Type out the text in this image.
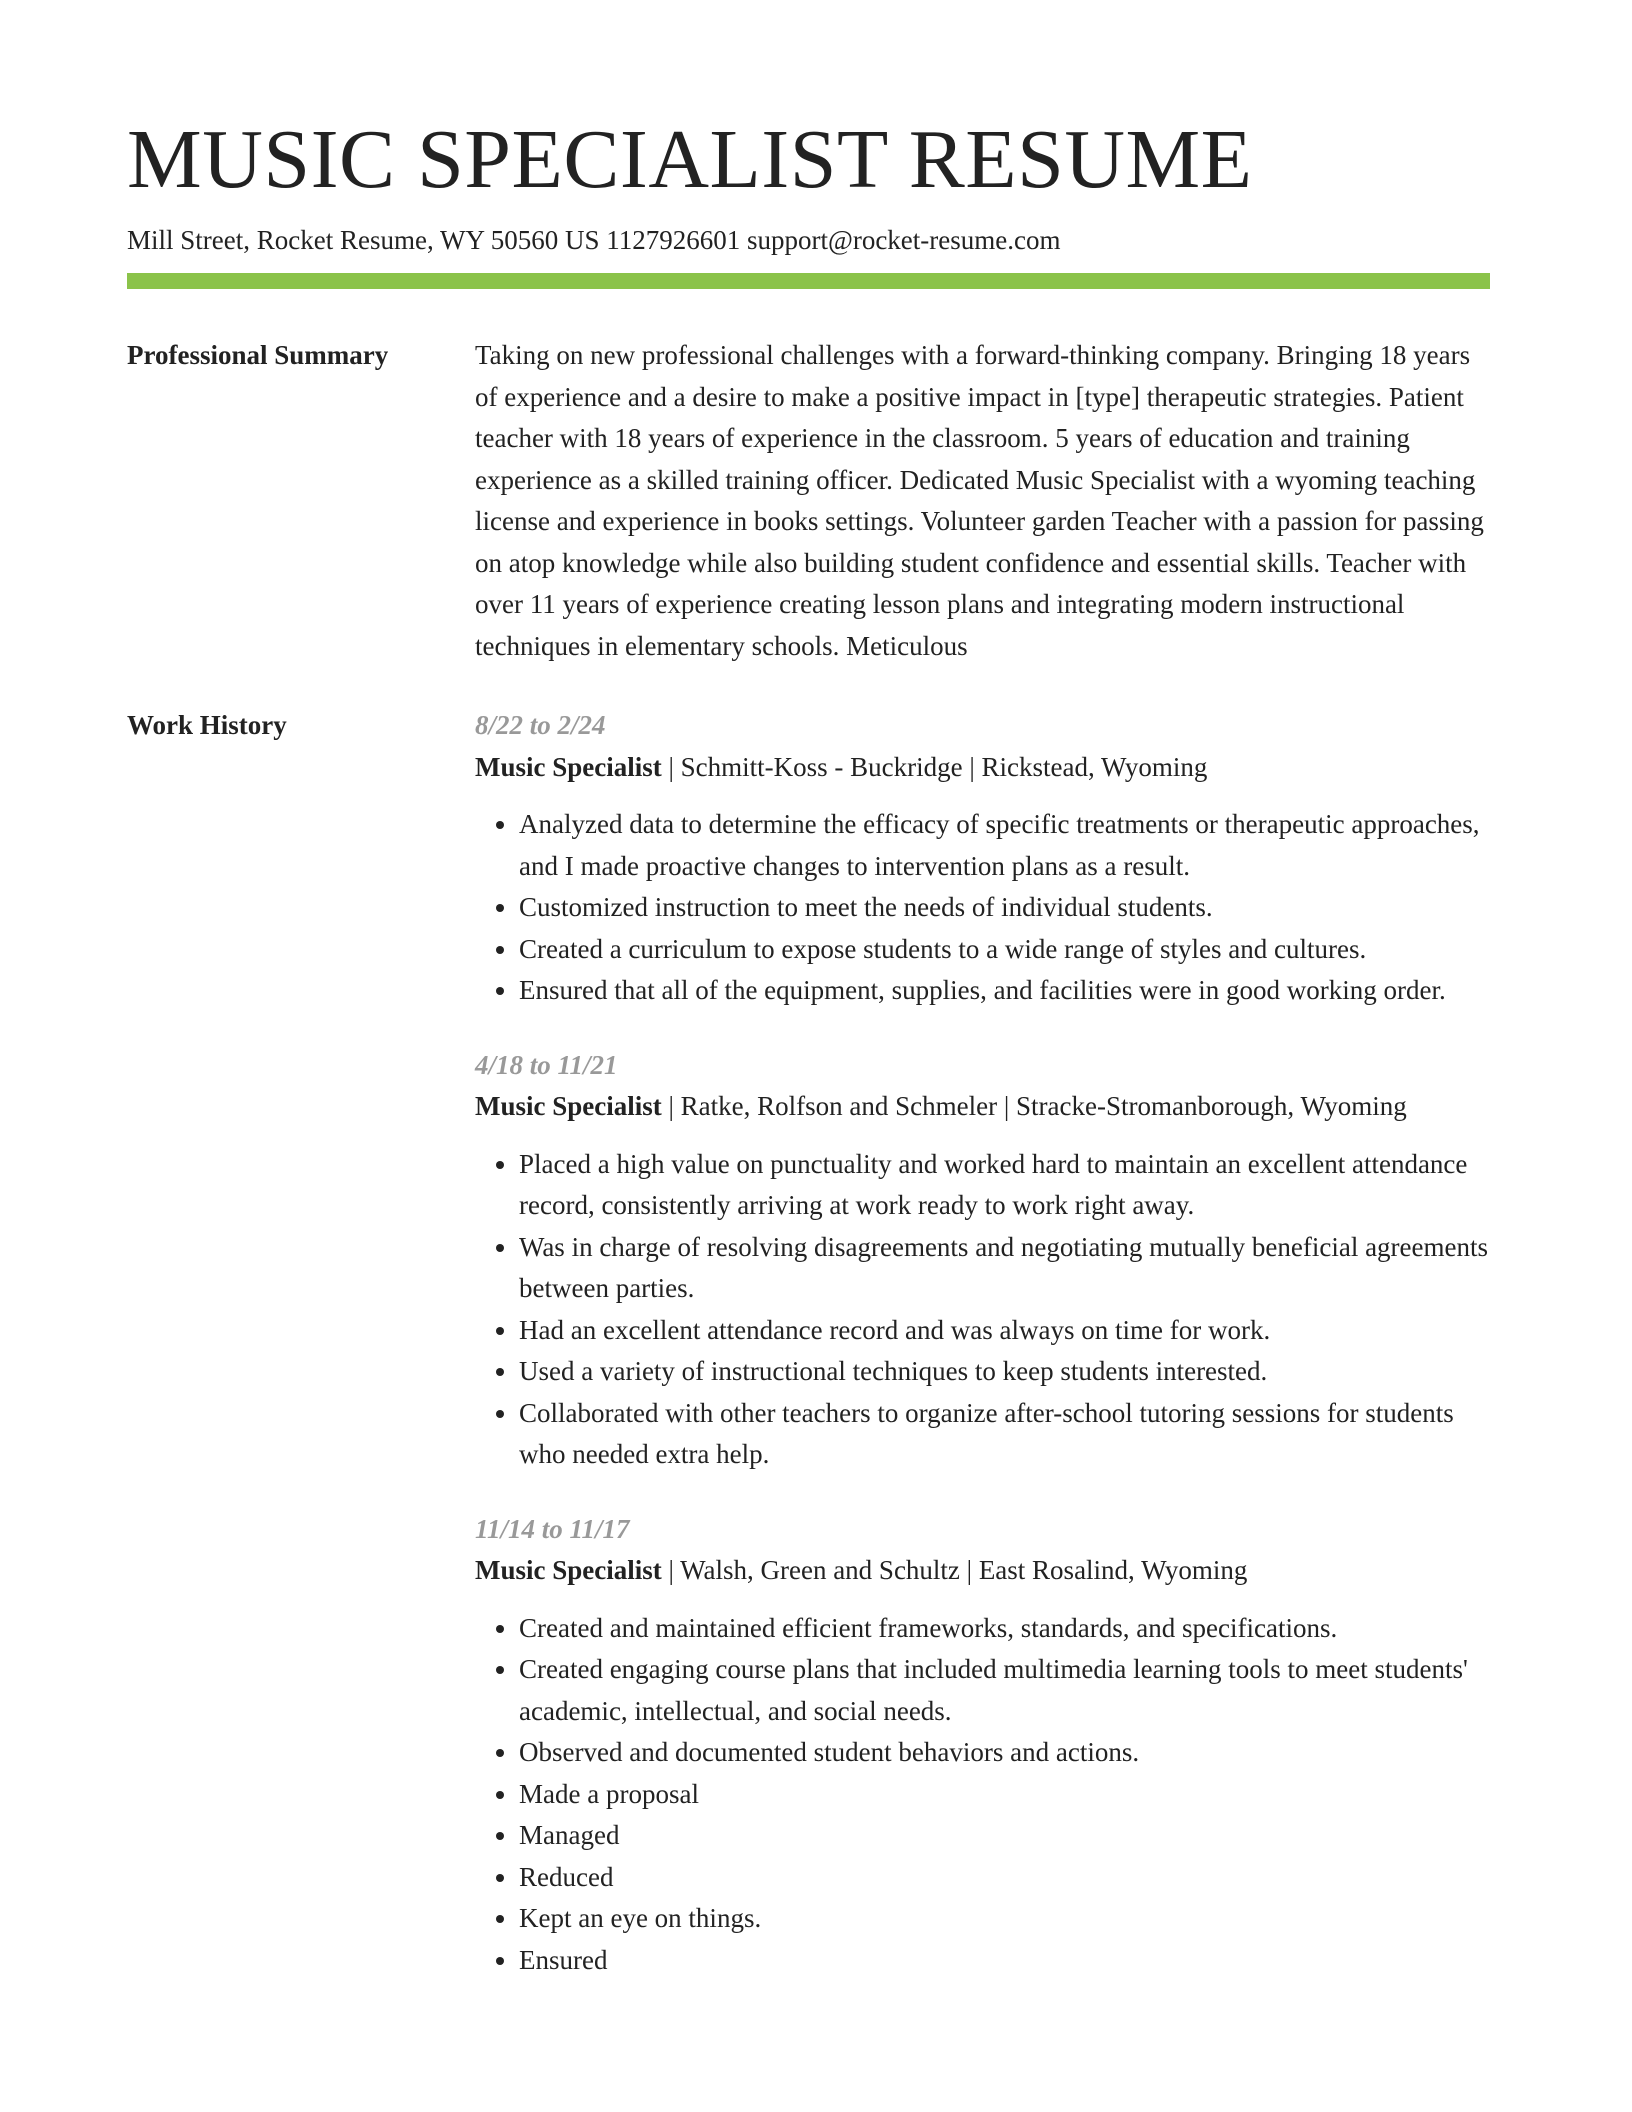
MUSIC SPECIALIST RESUME
Mill Street, Rocket Resume, WY 50560 US 1127926601 support@rocket-resume.com
Professional Summary	Taking on new professional challenges with a forward-thinking company. Bringing 18 years of experience and a desire to make a positive impact in [type] therapeutic strategies. Patient teacher with 18 years of experience in the classroom. 5 years of education and training experience as a skilled training officer. Dedicated Music Specialist with a wyoming teaching license and experience in books settings. Volunteer garden Teacher with a passion for passing on atop knowledge while also building student confidence and essential skills. Teacher with over 11 years of experience creating lesson plans and integrating modern instructional techniques in elementary schools. Meticulous

Work History	8/22 to 2/24
Music Specialist | Schmitt-Koss - Buckridge | Rickstead, Wyoming
• Analyzed data to determine the efficacy of specific treatments or therapeutic approaches, and I made proactive changes to intervention plans as a result.
• Customized instruction to meet the needs of individual students.
• Created a curriculum to expose students to a wide range of styles and cultures.
• Ensured that all of the equipment, supplies, and facilities were in good working order.
4/18 to 11/21
Music Specialist | Ratke, Rolfson and Schmeler | Stracke-Stromanborough, Wyoming
• Placed a high value on punctuality and worked hard to maintain an excellent attendance record, consistently arriving at work ready to work right away.
• Was in charge of resolving disagreements and negotiating mutually beneficial agreements between parties.
• Had an excellent attendance record and was always on time for work.
• Used a variety of instructional techniques to keep students interested.
• Collaborated with other teachers to organize after-school tutoring sessions for students who needed extra help.
11/14 to 11/17
Music Specialist | Walsh, Green and Schultz | East Rosalind, Wyoming
• Created and maintained efficient frameworks, standards, and specifications.
• Created engaging course plans that included multimedia learning tools to meet students' academic, intellectual, and social needs.
• Observed and documented student behaviors and actions.
• Made a proposal
• Managed
• Reduced
• Kept an eye on things.
• Ensured
